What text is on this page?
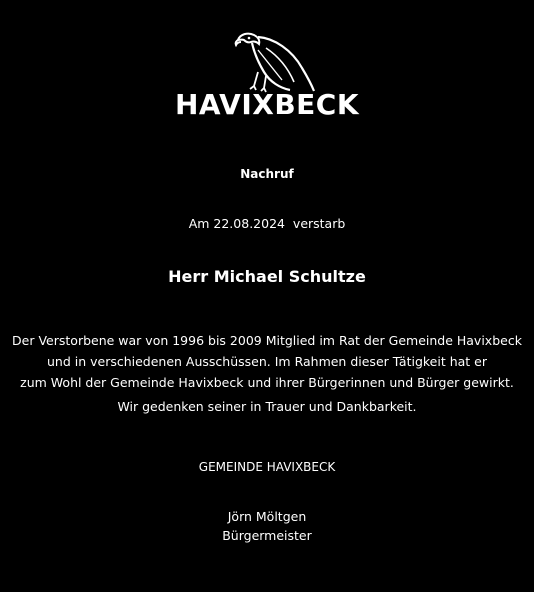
HAVIXBECK
Nachruf
Am 22.08.2024  verstarb
Herr Michael Schultze
Der Verstorbene war von 1996 bis 2009 Mitglied im Rat der Gemeinde Havixbeck
und in verschiedenen Ausschüssen. Im Rahmen dieser Tätigkeit hat er
zum Wohl der Gemeinde Havixbeck und ihrer Bürgerinnen und Bürger gewirkt.
Wir gedenken seiner in Trauer und Dankbarkeit.
GEMEINDE HAVIXBECK
Jörn Möltgen
Bürgermeister
